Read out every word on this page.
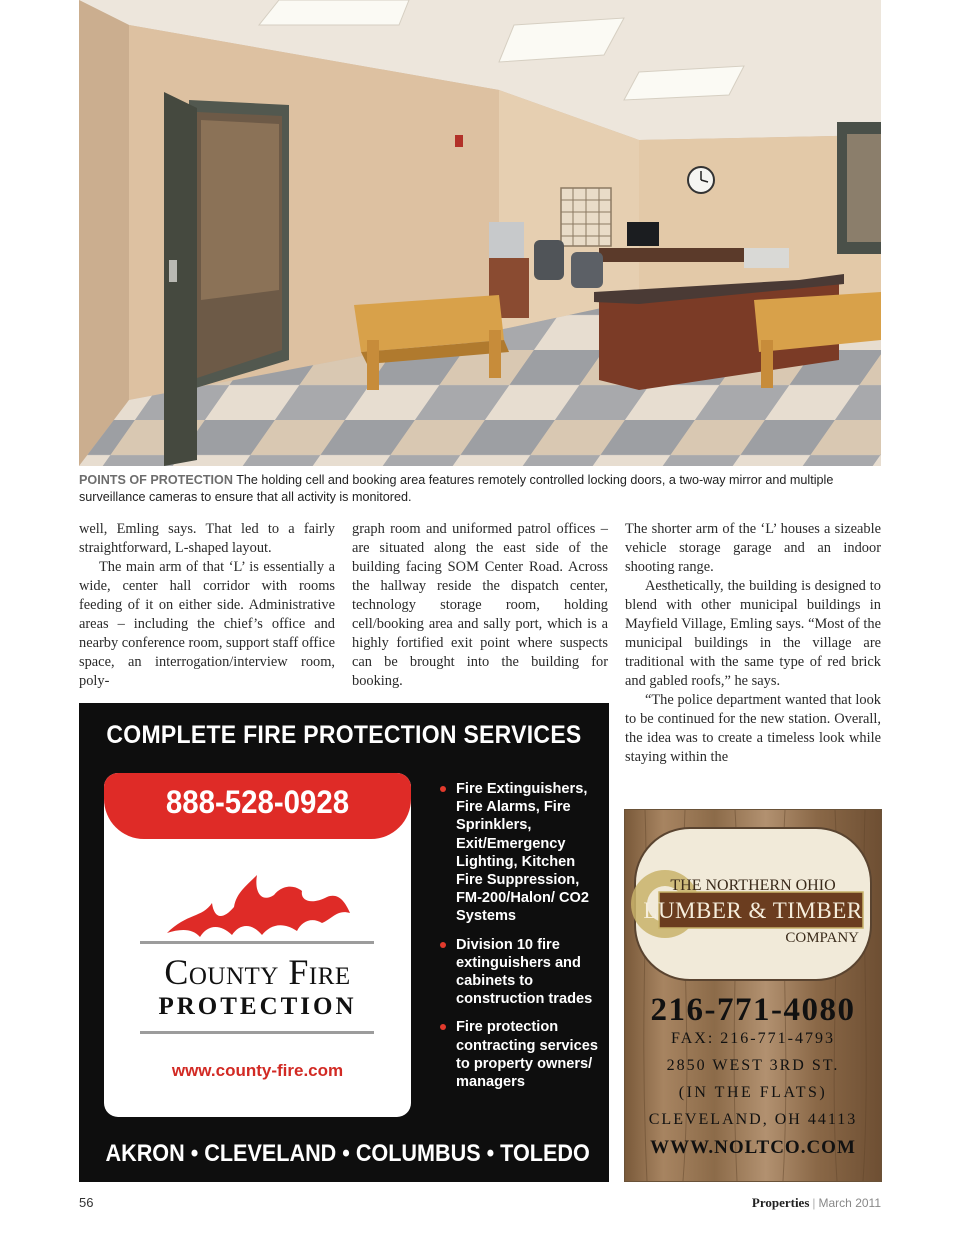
POINTS OF PROTECTION The holding cell and booking area features remotely controlled locking doors, a two-way mirror and multiple surveillance cameras to ensure that all activity is monitored.

well, Emling says. That led to a fairly straightforward, L-shaped layout.

The main arm of that ‘L’ is essentially a wide, center hall corridor with rooms feeding of it on either side. Administrative areas – including the chief’s office and nearby conference room, support staff office space, an interrogation/interview room, poly-

graph room and uniformed patrol offices – are situated along the east side of the building facing SOM Center Road. Across the hallway reside the dispatch center, technology storage room, holding cell/booking area and sally port, which is a highly fortified exit point where suspects can be brought into the building for booking.

The shorter arm of the ‘L’ houses a sizeable vehicle storage garage and an indoor shooting range.

Aesthetically, the building is designed to blend with other municipal buildings in Mayfield Village, Emling says. “Most of the municipal buildings in the village are traditional with the same type of red brick and gabled roofs,” he says.

“The police department wanted that look to be continued for the new station. Overall, the idea was to create a timeless look while staying within the

COMPLETE FIRE PROTECTION SERVICES
888-528-0928
County Fire
PROTECTION
www.county-fire.com
Fire Extinguishers, Fire Alarms, Fire Sprinklers, Exit/Emergency Lighting, Kitchen Fire Suppression, FM-200/Halon/ CO2 Systems
Division 10 fire extinguishers and cabinets to construction trades
Fire protection contracting services to property owners/ managers
AKRON • CLEVELAND • COLUMBUS • TOLEDO
THE NORTHERN OHIO
LUMBER & TIMBER
COMPANY
216-771-4080
FAX: 216-771-4793
2850 WEST 3RD ST.
(IN THE FLATS)
CLEVELAND, OH 44113
WWW.NOLTCO.COM
56	Properties | March 2011
